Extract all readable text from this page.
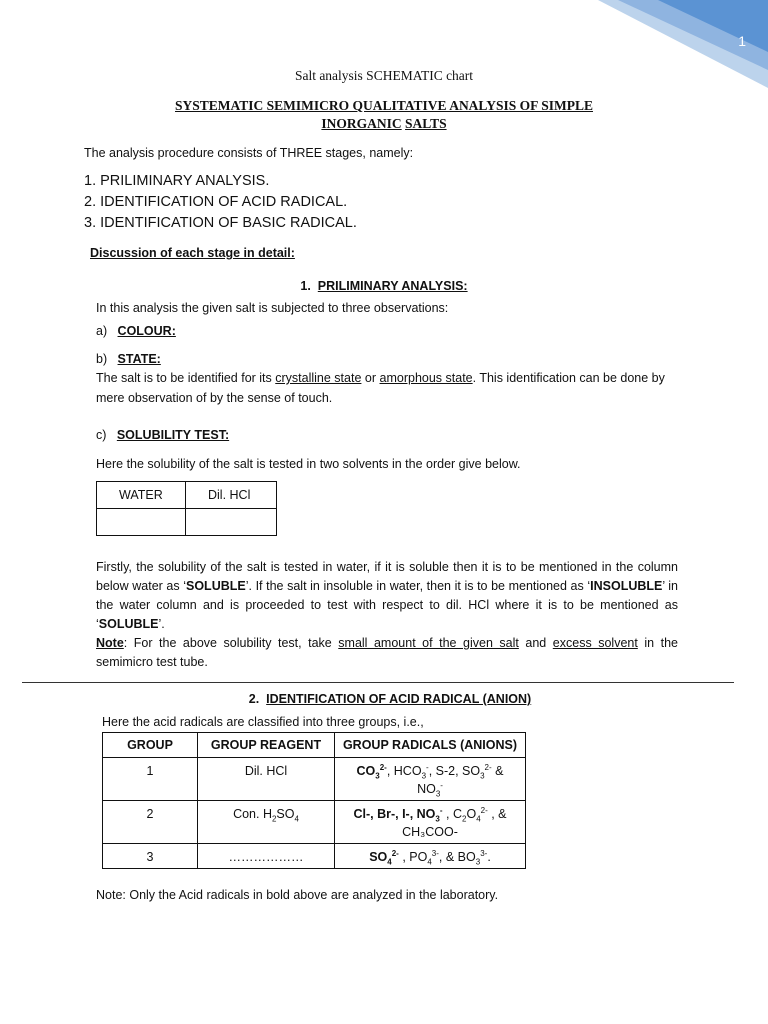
1
Salt analysis SCHEMATIC chart
SYSTEMATIC SEMIMICRO QUALITATIVE ANALYSIS OF SIMPLE
INORGANIC SALTS
The analysis procedure consists of THREE stages, namely:
1. PRILIMINARY ANALYSIS.
2. IDENTIFICATION OF ACID RADICAL.
3. IDENTIFICATION OF BASIC RADICAL.
Discussion of each stage in detail:
1. PRILIMINARY ANALYSIS:
In this analysis the given salt is subjected to three observations:
a) COLOUR:
b) STATE:
The salt is to be identified for its crystalline state or amorphous state. This identification can be done by mere observation of by the sense of touch.
c) SOLUBILITY TEST:
Here the solubility of the salt is tested in two solvents in the order give below.
WATER	Dil. HCl

Firstly, the solubility of the salt is tested in water, if it is soluble then it is to be mentioned in the column below water as ‘SOLUBLE’. If the salt in insoluble in water, then it is to be mentioned as ‘INSOLUBLE’ in the water column and is proceeded to test with respect to dil. HCl where it is to be mentioned as ‘SOLUBLE’.
Note: For the above solubility test, take small amount of the given salt and excess solvent in the semimicro test tube.
2. IDENTIFICATION OF ACID RADICAL (ANION)
Here the acid radicals are classified into three groups, i.e.,
GROUP	GROUP REAGENT	GROUP RADICALS (ANIONS)
1	Dil. HCl	$CO_3^{2-}$, $HCO_3^-$, S-2, $SO_3^{2-}$ &
$NO_3^-$
2	Con. $H_2SO_4$	Cl-, Br-, I-, $NO_3^-$ , $C_2O_4^{2-}$ , &
CH₃COO-
3	………………	$SO_4^{2-}$ , $PO_4^{3-}$, & $BO_3^{3-}$.
Note: Only the Acid radicals in bold above are analyzed in the laboratory.
